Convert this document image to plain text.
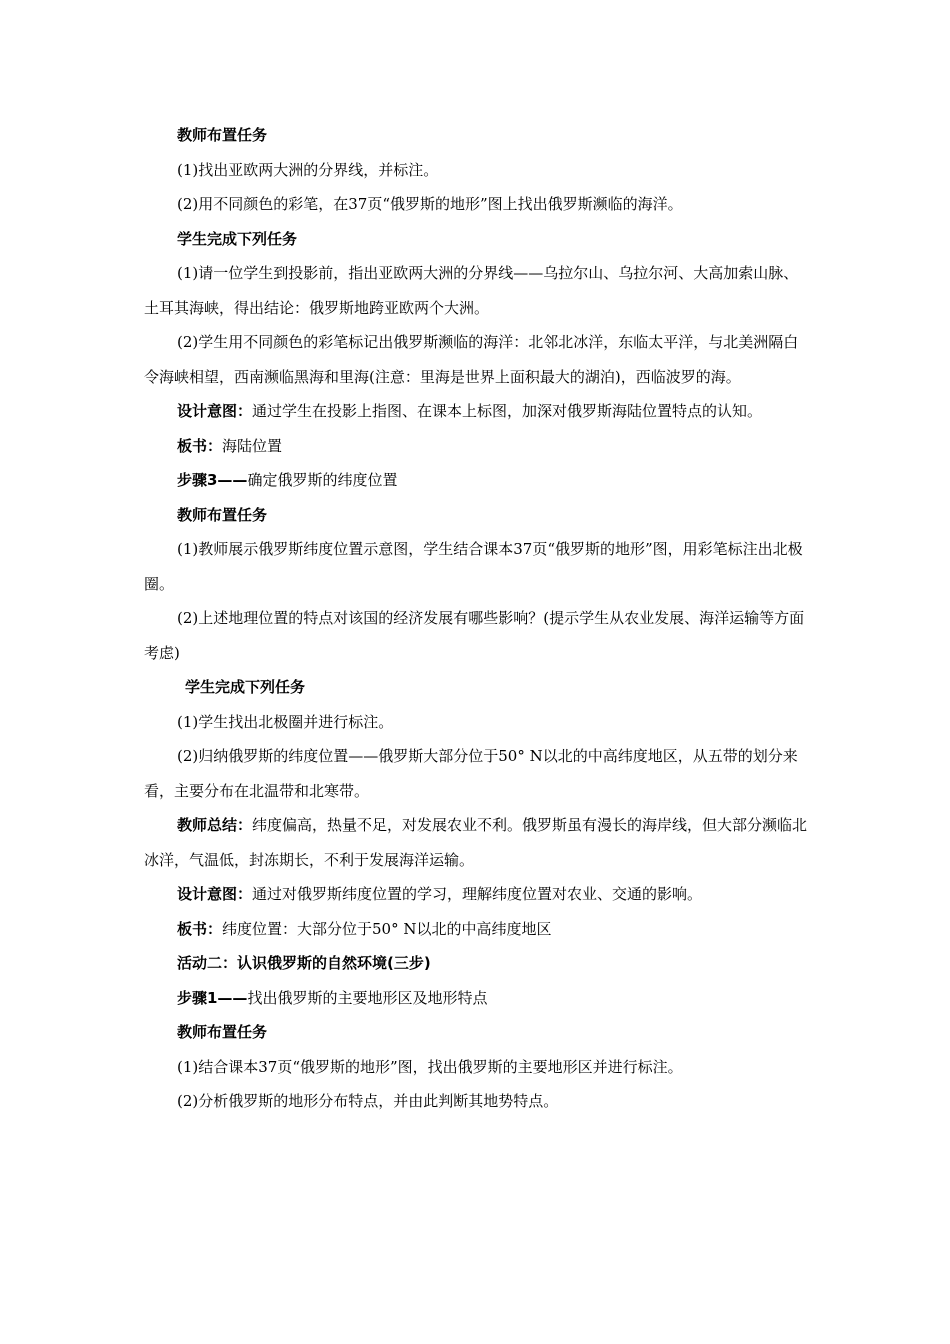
教师布置任务

(1)找出亚欧两大洲的分界线，并标注。

(2)用不同颜色的彩笔，在37页“俄罗斯的地形”图上找出俄罗斯濒临的海洋。

学生完成下列任务

(1)请一位学生到投影前，指出亚欧两大洲的分界线——乌拉尔山、乌拉尔河、大高加索山脉、土耳其海峡，得出结论：俄罗斯地跨亚欧两个大洲。

(2)学生用不同颜色的彩笔标记出俄罗斯濒临的海洋：北邻北冰洋，东临太平洋，与北美洲隔白令海峡相望，西南濒临黑海和里海(注意：里海是世界上面积最大的湖泊)，西临波罗的海。

设计意图：通过学生在投影上指图、在课本上标图，加深对俄罗斯海陆位置特点的认知。

板书：海陆位置

步骤3——确定俄罗斯的纬度位置

教师布置任务

(1)教师展示俄罗斯纬度位置示意图，学生结合课本37页“俄罗斯的地形”图，用彩笔标注出北极圈。

(2)上述地理位置的特点对该国的经济发展有哪些影响？(提示学生从农业发展、海洋运输等方面考虑)

学生完成下列任务

(1)学生找出北极圈并进行标注。

(2)归纳俄罗斯的纬度位置——俄罗斯大部分位于50° N以北的中高纬度地区，从五带的划分来看，主要分布在北温带和北寒带。

教师总结：纬度偏高，热量不足，对发展农业不利。俄罗斯虽有漫长的海岸线，但大部分濒临北冰洋，气温低，封冻期长，不利于发展海洋运输。

设计意图：通过对俄罗斯纬度位置的学习，理解纬度位置对农业、交通的影响。

板书：纬度位置：大部分位于50° N以北的中高纬度地区

活动二：认识俄罗斯的自然环境(三步)

步骤1——找出俄罗斯的主要地形区及地形特点

教师布置任务

(1)结合课本37页“俄罗斯的地形”图，找出俄罗斯的主要地形区并进行标注。

(2)分析俄罗斯的地形分布特点，并由此判断其地势特点。
